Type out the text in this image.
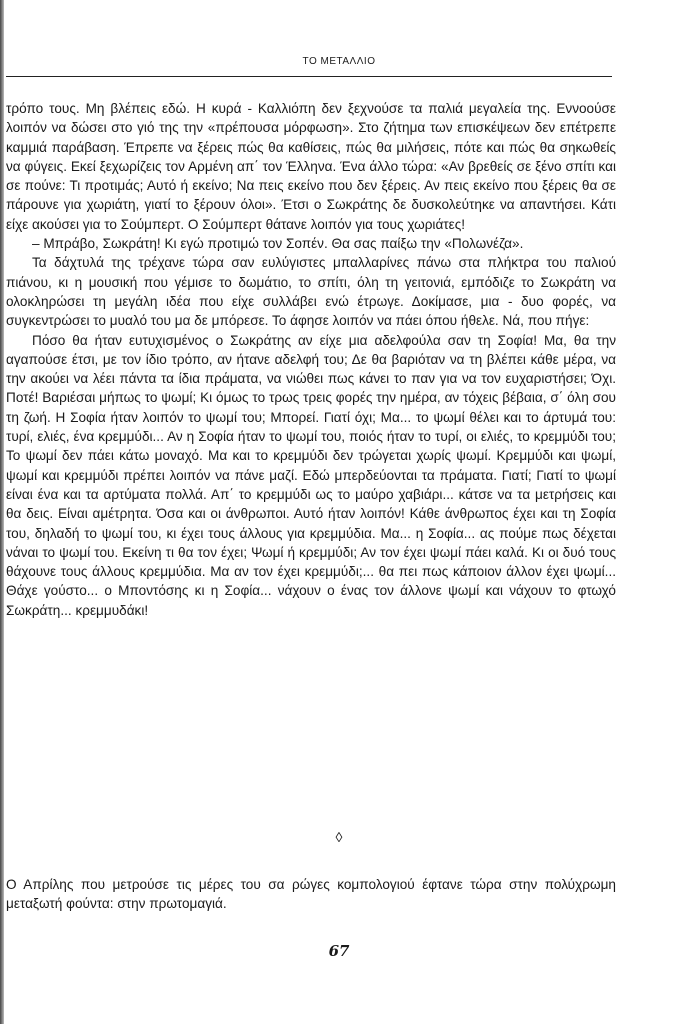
ΤΟ ΜΕΤΑΛΛΙΟ

τρόπο τους. Μη βλέπεις εδώ. Η κυρά - Καλλιόπη δεν ξεχνούσε τα παλιά μεγαλεία της. Εννοούσε λοιπόν να δώσει στο γιό της την «πρέπουσα μόρφωση». Στο ζήτημα των επισκέψεων δεν επέτρεπε καμμιά παράβαση. Έπρεπε να ξέρεις πώς θα καθίσεις, πώς θα μιλήσεις, πότε και πώς θα σηκωθείς να φύγεις. Εκεί ξεχωρίζεις τον Αρμένη απ΄ τον Έλληνα. Ένα άλλο τώρα: «Αν βρεθείς σε ξένο σπίτι και σε πούνε: Τι προτιμάς; Αυτό ή εκείνο; Να πεις εκείνο που δεν ξέρεις. Αν πεις εκείνο που ξέρεις θα σε πάρουνε για χωριάτη, γιατί το ξέρουν όλοι». Έτσι ο Σωκράτης δε δυσκολεύτηκε να απαντήσει. Κάτι είχε ακούσει για το Σούμπερτ. Ο Σούμπερτ θάτανε λοιπόν για τους χωριάτες!

– Μπράβο, Σωκράτη! Κι εγώ προτιμώ τον Σοπέν. Θα σας παίξω την «Πολωνέζα».

Τα δάχτυλά της τρέχανε τώρα σαν ευλύγιστες μπαλλαρίνες πάνω στα πλήκτρα του παλιού πιάνου, κι η μουσική που γέμισε το δωμάτιο, το σπίτι, όλη τη γειτονιά, εμπόδιζε το Σωκράτη να ολοκληρώσει τη μεγάλη ιδέα που είχε συλλάβει ενώ έτρωγε. Δοκίμασε, μια - δυο φορές, να συγκεντρώσει το μυαλό του μα δε μπόρεσε. Το άφησε λοιπόν να πάει όπου ήθελε. Νά, που πήγε:

Πόσο θα ήταν ευτυχισμένος ο Σωκράτης αν είχε μια αδελφούλα σαν τη Σοφία! Μα, θα την αγαπούσε έτσι, με τον ίδιο τρόπο, αν ήτανε αδελφή του; Δε θα βαριόταν να τη βλέπει κάθε μέρα, να την ακούει να λέει πάντα τα ίδια πράματα, να νιώθει πως κάνει το παν για να τον ευχαριστήσει; Όχι. Ποτέ! Βαριέσαι μήπως το ψωμί; Κι όμως το τρως τρεις φορές την ημέρα, αν τόχεις βέβαια, σ΄ όλη σου τη ζωή. Η Σοφία ήταν λοιπόν το ψωμί του; Μπορεί. Γιατί όχι; Μα... το ψωμί θέλει και το άρτυμά του: τυρί, ελιές, ένα κρεμμύδι... Αν η Σοφία ήταν το ψωμί του, ποιός ήταν το τυρί, οι ελιές, το κρεμμύδι του; Το ψωμί δεν πάει κάτω μοναχό. Μα και το κρεμμύδι δεν τρώγεται χωρίς ψωμί. Κρεμμύδι και ψωμί, ψωμί και κρεμμύδι πρέπει λοιπόν να πάνε μαζί. Εδώ μπερδεύονται τα πράματα. Γιατί; Γιατί το ψωμί είναι ένα και τα αρτύματα πολλά. Απ΄ το κρεμμύδι ως το μαύρο χαβιάρι... κάτσε να τα μετρήσεις και θα δεις. Είναι αμέτρητα. Όσα και οι άνθρωποι. Αυτό ήταν λοιπόν! Κάθε άνθρωπος έχει και τη Σοφία του, δηλαδή το ψωμί του, κι έχει τους άλλους για κρεμμύδια. Μα... η Σοφία... ας πούμε πως δέχεται νάναι το ψωμί του. Εκείνη τι θα τον έχει; Ψωμί ή κρεμμύδι; Αν τον έχει ψωμί πάει καλά. Κι οι δυό τους θάχουνε τους άλλους κρεμμύδια. Μα αν τον έχει κρεμμύδι;... θα πει πως κάποιον άλλον έχει ψωμί... Θάχε γούστο... ο Μποντόσης κι η Σοφία... νάχουν ο ένας τον άλλονε ψωμί και νάχουν το φτωχό Σωκράτη... κρεμμυδάκι!

◊

Ο Απρίλης που μετρούσε τις μέρες του σα ρώγες κομπολογιού έφτανε τώρα στην πολύχρωμη μεταξωτή φούντα: στην πρωτομαγιά.

67
